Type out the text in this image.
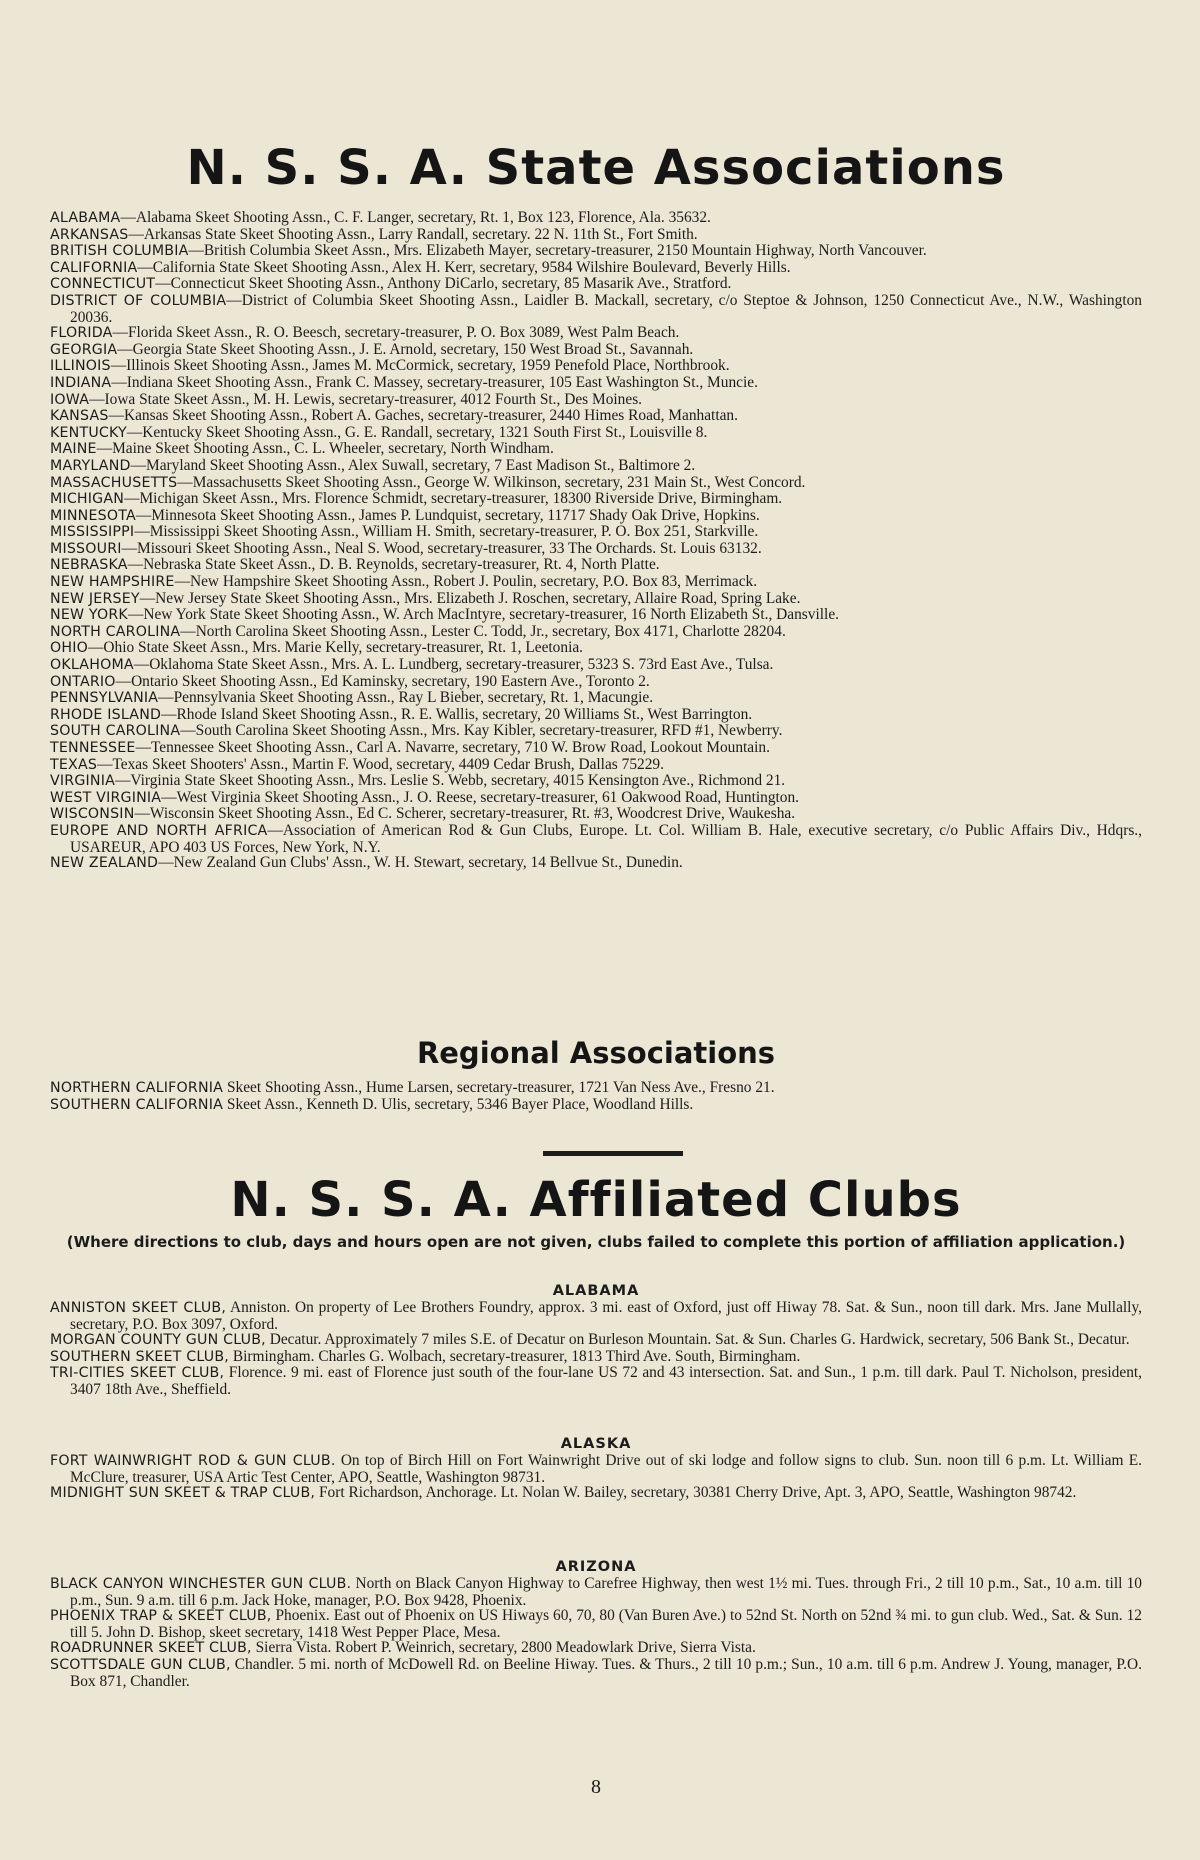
N. S. S. A. State Associations

ALABAMA—Alabama Skeet Shooting Assn., C. F. Langer, secretary, Rt. 1, Box 123, Florence, Ala. 35632.

ARKANSAS—Arkansas State Skeet Shooting Assn., Larry Randall, secretary. 22 N. 11th St., Fort Smith.

BRITISH COLUMBIA—British Columbia Skeet Assn., Mrs. Elizabeth Mayer, secretary-treasurer, 2150 Mountain Highway, North Vancouver.

CALIFORNIA—California State Skeet Shooting Assn., Alex H. Kerr, secretary, 9584 Wilshire Boulevard, Beverly Hills.

CONNECTICUT—Connecticut Skeet Shooting Assn., Anthony DiCarlo, secretary, 85 Masarik Ave., Stratford.

DISTRICT OF COLUMBIA—District of Columbia Skeet Shooting Assn., Laidler B. Mackall, secretary, c/o Steptoe & Johnson, 1250 Connecticut Ave., N.W., Washington 20036.

FLORIDA—Florida Skeet Assn., R. O. Beesch, secretary-treasurer, P. O. Box 3089, West Palm Beach.

GEORGIA—Georgia State Skeet Shooting Assn., J. E. Arnold, secretary, 150 West Broad St., Savannah.

ILLINOIS—Illinois Skeet Shooting Assn., James M. McCormick, secretary, 1959 Penefold Place, Northbrook.

INDIANA—Indiana Skeet Shooting Assn., Frank C. Massey, secretary-treasurer, 105 East Washington St., Muncie.

IOWA—Iowa State Skeet Assn., M. H. Lewis, secretary-treasurer, 4012 Fourth St., Des Moines.

KANSAS—Kansas Skeet Shooting Assn., Robert A. Gaches, secretary-treasurer, 2440 Himes Road, Manhattan.

KENTUCKY—Kentucky Skeet Shooting Assn., G. E. Randall, secretary, 1321 South First St., Louisville 8.

MAINE—Maine Skeet Shooting Assn., C. L. Wheeler, secretary, North Windham.

MARYLAND—Maryland Skeet Shooting Assn., Alex Suwall, secretary, 7 East Madison St., Baltimore 2.

MASSACHUSETTS—Massachusetts Skeet Shooting Assn., George W. Wilkinson, secretary, 231 Main St., West Concord.

MICHIGAN—Michigan Skeet Assn., Mrs. Florence Schmidt, secretary-treasurer, 18300 Riverside Drive, Birmingham.

MINNESOTA—Minnesota Skeet Shooting Assn., James P. Lundquist, secretary, 11717 Shady Oak Drive, Hopkins.

MISSISSIPPI—Mississippi Skeet Shooting Assn., William H. Smith, secretary-treasurer, P. O. Box 251, Starkville.

MISSOURI—Missouri Skeet Shooting Assn., Neal S. Wood, secretary-treasurer, 33 The Orchards. St. Louis 63132.

NEBRASKA—Nebraska State Skeet Assn., D. B. Reynolds, secretary-treasurer, Rt. 4, North Platte.

NEW HAMPSHIRE—New Hampshire Skeet Shooting Assn., Robert J. Poulin, secretary, P.O. Box 83, Merrimack.

NEW JERSEY—New Jersey State Skeet Shooting Assn., Mrs. Elizabeth J. Roschen, secretary, Allaire Road, Spring Lake.

NEW YORK—New York State Skeet Shooting Assn., W. Arch MacIntyre, secretary-treasurer, 16 North Elizabeth St., Dansville.

NORTH CAROLINA—North Carolina Skeet Shooting Assn., Lester C. Todd, Jr., secretary, Box 4171, Charlotte 28204.

OHIO—Ohio State Skeet Assn., Mrs. Marie Kelly, secretary-treasurer, Rt. 1, Leetonia.

OKLAHOMA—Oklahoma State Skeet Assn., Mrs. A. L. Lundberg, secretary-treasurer, 5323 S. 73rd East Ave., Tulsa.

ONTARIO—Ontario Skeet Shooting Assn., Ed Kaminsky, secretary, 190 Eastern Ave., Toronto 2.

PENNSYLVANIA—Pennsylvania Skeet Shooting Assn., Ray L Bieber, secretary, Rt. 1, Macungie.

RHODE ISLAND—Rhode Island Skeet Shooting Assn., R. E. Wallis, secretary, 20 Williams St., West Barrington.

SOUTH CAROLINA—South Carolina Skeet Shooting Assn., Mrs. Kay Kibler, secretary-treasurer, RFD #1, Newberry.

TENNESSEE—Tennessee Skeet Shooting Assn., Carl A. Navarre, secretary, 710 W. Brow Road, Lookout Mountain.

TEXAS—Texas Skeet Shooters' Assn., Martin F. Wood, secretary, 4409 Cedar Brush, Dallas 75229.

VIRGINIA—Virginia State Skeet Shooting Assn., Mrs. Leslie S. Webb, secretary, 4015 Kensington Ave., Richmond 21.

WEST VIRGINIA—West Virginia Skeet Shooting Assn., J. O. Reese, secretary-treasurer, 61 Oakwood Road, Huntington.

WISCONSIN—Wisconsin Skeet Shooting Assn., Ed C. Scherer, secretary-treasurer, Rt. #3, Woodcrest Drive, Waukesha.

EUROPE AND NORTH AFRICA—Association of American Rod & Gun Clubs, Europe. Lt. Col. William B. Hale, executive secretary, c/o Public Affairs Div., Hdqrs., USAREUR, APO 403 US Forces, New York, N.Y.

NEW ZEALAND—New Zealand Gun Clubs' Assn., W. H. Stewart, secretary, 14 Bellvue St., Dunedin.

Regional Associations

NORTHERN CALIFORNIA Skeet Shooting Assn., Hume Larsen, secretary-treasurer, 1721 Van Ness Ave., Fresno 21.

SOUTHERN CALIFORNIA Skeet Assn., Kenneth D. Ulis, secretary, 5346 Bayer Place, Woodland Hills.

N. S. S. A. Affiliated Clubs
(Where directions to club, days and hours open are not given, clubs failed to complete this portion of affiliation application.)
ALABAMA

ANNISTON SKEET CLUB, Anniston. On property of Lee Brothers Foundry, approx. 3 mi. east of Oxford, just off Hiway 78. Sat. & Sun., noon till dark. Mrs. Jane Mullally, secretary, P.O. Box 3097, Oxford.

MORGAN COUNTY GUN CLUB, Decatur. Approximately 7 miles S.E. of Decatur on Burleson Mountain. Sat. & Sun. Charles G. Hardwick, secretary, 506 Bank St., Decatur.

SOUTHERN SKEET CLUB, Birmingham. Charles G. Wolbach, secretary-treasurer, 1813 Third Ave. South, Birmingham.

TRI-CITIES SKEET CLUB, Florence. 9 mi. east of Florence just south of the four-lane US 72 and 43 intersection. Sat. and Sun., 1 p.m. till dark. Paul T. Nicholson, president, 3407 18th Ave., Sheffield.

ALASKA

FORT WAINWRIGHT ROD & GUN CLUB. On top of Birch Hill on Fort Wainwright Drive out of ski lodge and follow signs to club. Sun. noon till 6 p.m. Lt. William E. McClure, treasurer, USA Artic Test Center, APO, Seattle, Washington 98731.

MIDNIGHT SUN SKEET & TRAP CLUB, Fort Richardson, Anchorage. Lt. Nolan W. Bailey, secretary, 30381 Cherry Drive, Apt. 3, APO, Seattle, Washington 98742.

ARIZONA

BLACK CANYON WINCHESTER GUN CLUB. North on Black Canyon Highway to Carefree Highway, then west 1½ mi. Tues. through Fri., 2 till 10 p.m., Sat., 10 a.m. till 10 p.m., Sun. 9 a.m. till 6 p.m. Jack Hoke, manager, P.O. Box 9428, Phoenix.

PHOENIX TRAP & SKEET CLUB, Phoenix. East out of Phoenix on US Hiways 60, 70, 80 (Van Buren Ave.) to 52nd St. North on 52nd ¾ mi. to gun club. Wed., Sat. & Sun. 12 till 5. John D. Bishop, skeet secretary, 1418 West Pepper Place, Mesa.

ROADRUNNER SKEET CLUB, Sierra Vista. Robert P. Weinrich, secretary, 2800 Meadowlark Drive, Sierra Vista.

SCOTTSDALE GUN CLUB, Chandler. 5 mi. north of McDowell Rd. on Beeline Hiway. Tues. & Thurs., 2 till 10 p.m.; Sun., 10 a.m. till 6 p.m. Andrew J. Young, manager, P.O. Box 871, Chandler.

8
